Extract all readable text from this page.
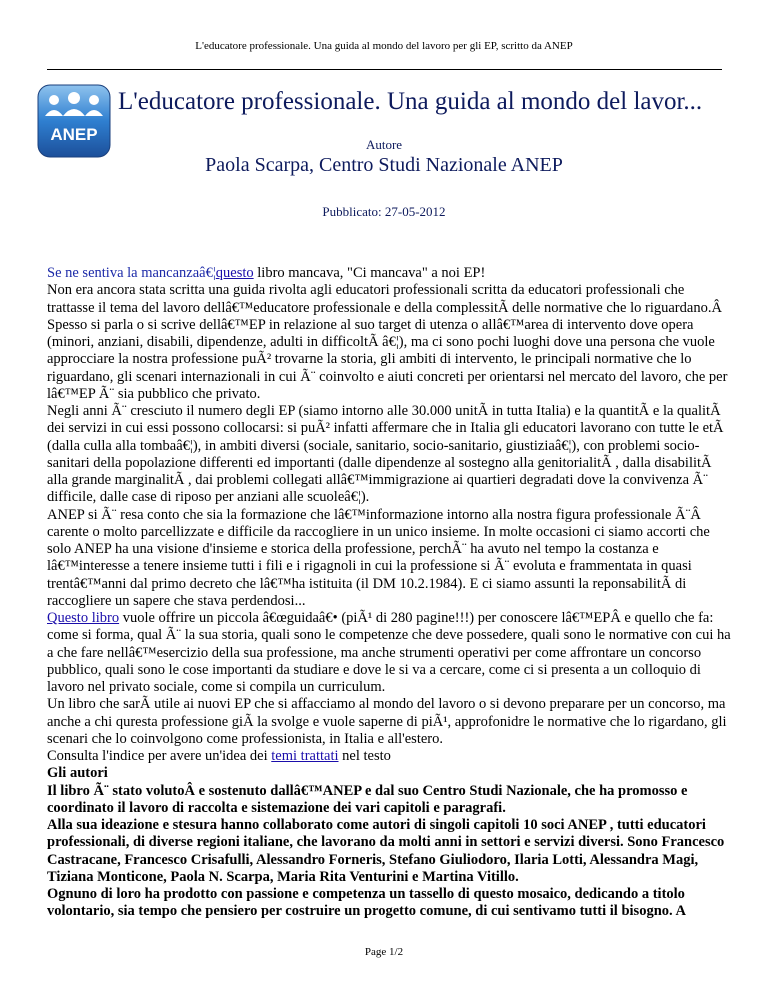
L'educatore professionale. Una guida al mondo del lavoro per gli EP, scritto da ANEP
ANEP
L'educatore professionale. Una guida al mondo del lavor...
Autore
Paola Scarpa, Centro Studi Nazionale ANEP
Pubblicato: 27-05-2012

Se ne sentiva la mancanzaâ€¦questo libro mancava, "Ci mancava" a noi EP!

Non era ancora stata scritta una guida rivolta agli educatori professionali scritta da educatori professionali che trattasse il tema del lavoro dellâ€™educatore professionale e della complessitÃ delle normative che lo riguardano.Â

Spesso si parla o si scrive dellâ€™EP in relazione al suo target di utenza o allâ€™area di intervento dove opera (minori, anziani, disabili, dipendenze, adulti in difficoltÃ â€¦), ma ci sono pochi luoghi dove una persona che vuole approcciare la nostra professione puÃ² trovarne la storia, gli ambiti di intervento, le principali normative che lo riguardano, gli scenari internazionali in cui Ã¨ coinvolto e aiuti concreti per orientarsi nel mercato del lavoro, che per lâ€™EP Ã¨ sia pubblico che privato.

Negli anni Ã¨ cresciuto il numero degli EP (siamo intorno alle 30.000 unitÃ in tutta Italia) e la quantitÃ e la qualitÃ dei servizi in cui essi possono collocarsi: si puÃ² infatti affermare che in Italia gli educatori lavorano con tutte le etÃ (dalla culla alla tombaâ€¦), in ambiti diversi (sociale, sanitario, socio-sanitario, giustiziaâ€¦), con problemi socio-sanitari della popolazione differenti ed importanti (dalle dipendenze al sostegno alla genitorialitÃ , dalla disabilitÃ alla grande marginalitÃ , dai problemi collegati allâ€™immigrazione ai quartieri degradati dove la convivenza Ã¨ difficile, dalle case di riposo per anziani alle scuoleâ€¦).

ANEP si Ã¨ resa conto che sia la formazione che lâ€™informazione intorno alla nostra figura professionale Ã¨Â carente o molto parcellizzate e difficile da raccogliere in un unico insieme. In molte occasioni ci siamo accorti che solo ANEP ha una visione d'insieme e storica della professione, perchÃ¨ ha avuto nel tempo la costanza e lâ€™interesse a tenere insieme tutti i fili e i rigagnoli in cui la professione si Ã¨ evoluta e frammentata in quasi trentâ€™anni dal primo decreto che lâ€™ha istituita (il DM 10.2.1984). E ci siamo assunti la reponsabilitÃ di raccogliere un sapere che stava perdendosi...

Questo libro vuole offrire un piccola â€œguidaâ€• (piÃ¹ di 280 pagine!!!) per conoscere lâ€™EPÂ e quello che fa: come si forma, qual Ã¨ la sua storia, quali sono le competenze che deve possedere, quali sono le normative con cui ha a che fare nellâ€™esercizio della sua professione, ma anche strumenti operativi per come affrontare un concorso pubblico, quali sono le cose importanti da studiare e dove le si va a cercare, come ci si presenta a un colloquio di lavoro nel privato sociale, come si compila un curriculum.

Un libro che sarÃ utile ai nuovi EP che si affacciamo al mondo del lavoro o si devono preparare per un concorso, ma anche a chi quresta professione giÃ la svolge e vuole saperne di piÃ¹, approfonidre le normative che lo rigardano, gli scenari che lo coinvolgono come professionista, in Italia e all'estero.

Consulta l'indice per avere un'idea dei temi trattati nel testo

Gli autori

Il libro Ã¨ stato volutoÂ e sostenuto dallâ€™ANEP e dal suo Centro Studi Nazionale, che ha promosso e coordinato il lavoro di raccolta e sistemazione dei vari capitoli e paragrafi.

Alla sua ideazione e stesura hanno collaborato come autori di singoli capitoli 10 soci ANEP , tutti educatori professionali, di diverse regioni italiane, che lavorano da molti anni in settori e servizi diversi. Sono Francesco Castracane, Francesco Crisafulli, Alessandro Forneris, Stefano Giuliodoro, Ilaria Lotti, Alessandra Magi, Tiziana Monticone, Paola N. Scarpa, Maria Rita Venturini e Martina Vitillo.

Ognuno di loro ha prodotto con passione e competenza un tassello di questo mosaico, dedicando a titolo volontario, sia tempo che pensiero per costruire un progetto comune, di cui sentivamo tutti il bisogno. A

Page 1/2
